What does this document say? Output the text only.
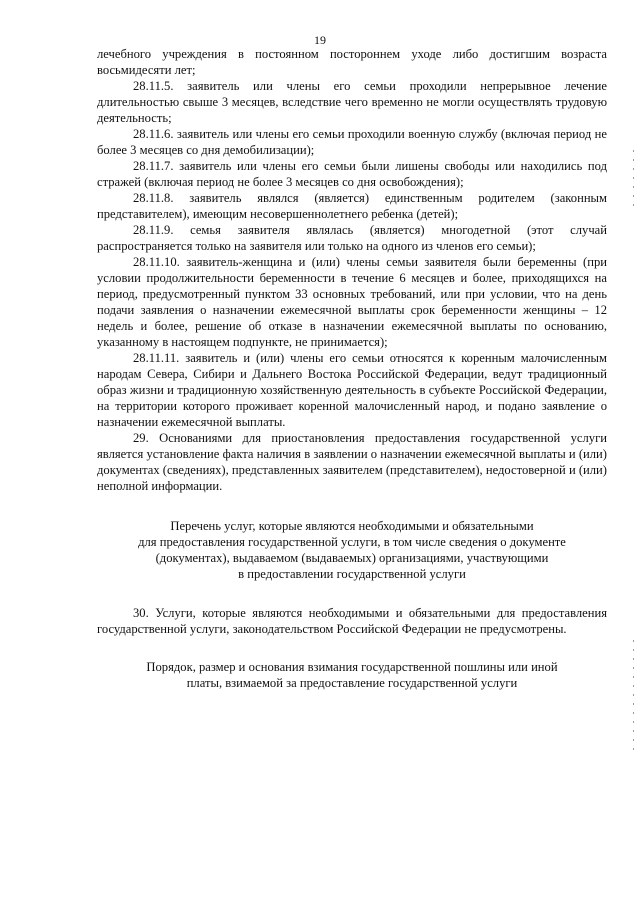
19

лечебного учреждения в постоянном постороннем уходе либо достигшим возраста восьмидесяти лет;

28.11.5. заявитель или члены его семьи проходили непрерывное лечение длительностью свыше 3 месяцев, вследствие чего временно не могли осуществлять трудовую деятельность;

28.11.6. заявитель или члены его семьи проходили военную службу (включая период не более 3 месяцев со дня демобилизации);

28.11.7. заявитель или члены его семьи были лишены свободы или находились под стражей (включая период не более 3 месяцев со дня освобождения);

28.11.8. заявитель являлся (является) единственным родителем (законным представителем), имеющим несовершеннолетнего ребенка (детей);

28.11.9. семья заявителя являлась (является) многодетной (этот случай распространяется только на заявителя или только на одного из членов его семьи);

28.11.10. заявитель-женщина и (или) члены семьи заявителя были беременны (при условии продолжительности беременности в течение 6 месяцев и более, приходящихся на период, предусмотренный пунктом 33 основных требований, или при условии, что на день подачи заявления о назначении ежемесячной выплаты срок беременности женщины – 12 недель и более, решение об отказе в назначении ежемесячной выплаты по основанию, указанному в настоящем подпункте, не принимается);

28.11.11. заявитель и (или) члены его семьи относятся к коренным малочисленным народам Севера, Сибири и Дальнего Востока Российской Федерации, ведут традиционный образ жизни и традиционную хозяйственную деятельность в субъекте Российской Федерации, на территории которого проживает коренной малочисленный народ, и подано заявление о назначении ежемесячной выплаты.

29. Основаниями для приостановления предоставления государственной услуги является установление факта наличия в заявлении о назначении ежемесячной выплаты и (или) документах (сведениях), представленных заявителем (представителем), недостоверной и (или) неполной информации.

Перечень услуг, которые являются необходимыми и обязательными
для предоставления государственной услуги, в том числе сведения о документе
(документах), выдаваемом (выдаваемых) организациями, участвующими
в предоставлении государственной услуги

30. Услуги, которые являются необходимыми и обязательными для предоставления государственной услуги, законодательством Российской Федерации не предусмотрены.

Порядок, размер и основания взимания государственной пошлины или иной
платы, взимаемой за предоставление государственной услуги
